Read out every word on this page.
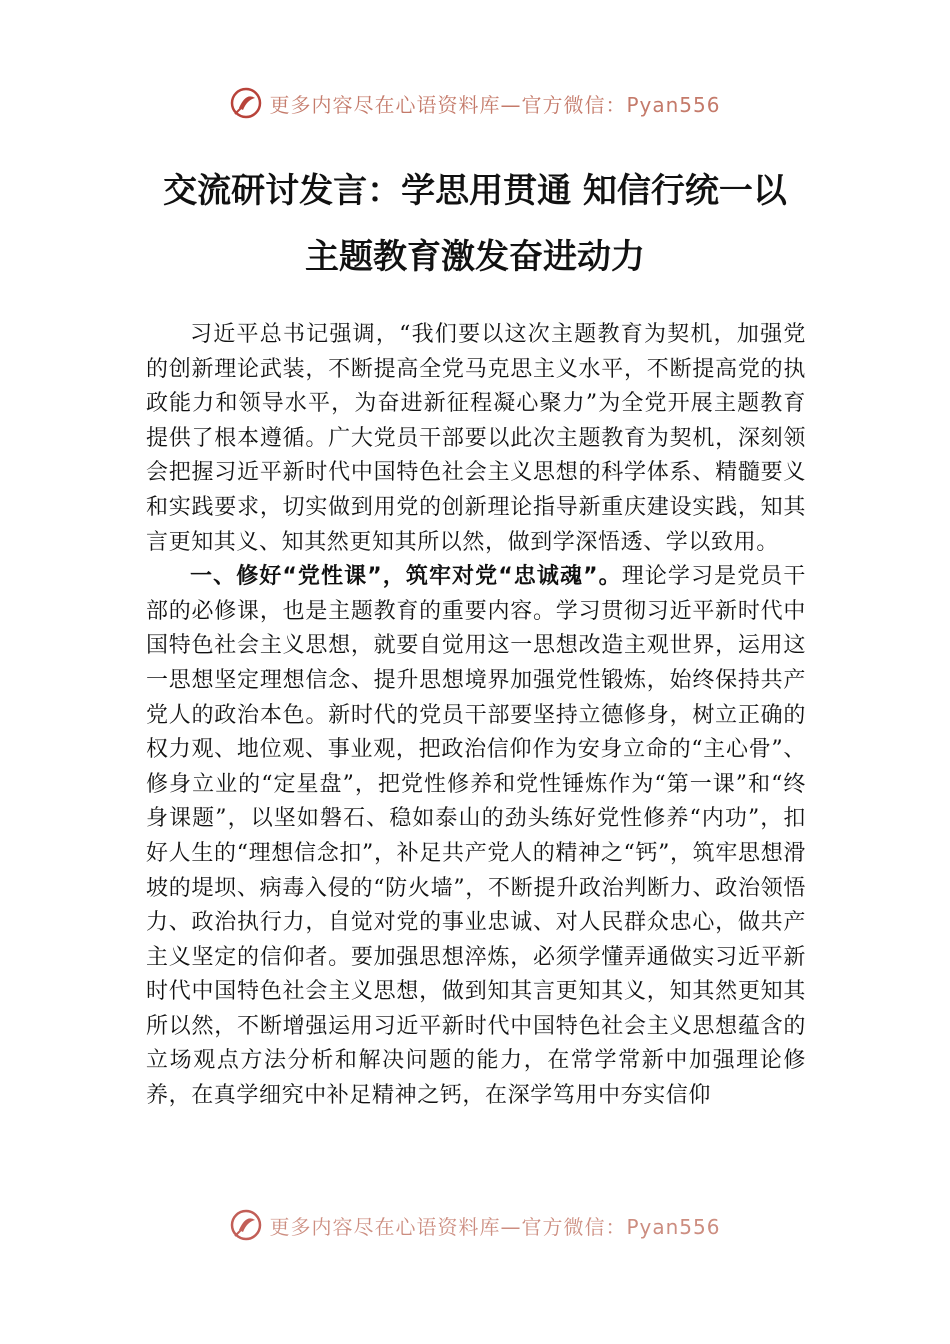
更多内容尽在心语资料库—官方微信：Pyan556
交流研讨发言：学思用贯通 知信行统一以
主题教育激发奋进动力

习近平总书记强调，“我们要以这次主题教育为契机，加强党的创新理论武装，不断提高全党马克思主义水平，不断提高党的执政能力和领导水平，为奋进新征程凝心聚力”为全党开展主题教育提供了根本遵循。广大党员干部要以此次主题教育为契机，深刻领会把握习近平新时代中国特色社会主义思想的科学体系、精髓要义和实践要求，切实做到用党的创新理论指导新重庆建设实践，知其言更知其义、知其然更知其所以然，做到学深悟透、学以致用。

一、修好“党性课”，筑牢对党“忠诚魂”。理论学习是党员干部的必修课，也是主题教育的重要内容。学习贯彻习近平新时代中国特色社会主义思想，就要自觉用这一思想改造主观世界，运用这一思想坚定理想信念、提升思想境界加强党性锻炼，始终保持共产党人的政治本色。新时代的党员干部要坚持立德修身，树立正确的权力观、地位观、事业观，把政治信仰作为安身立命的“主心骨”、修身立业的“定星盘”，把党性修养和党性锤炼作为“第一课”和“终身课题”，以坚如磐石、稳如泰山的劲头练好党性修养“内功”，扣好人生的“理想信念扣”，补足共产党人的精神之“钙”，筑牢思想滑坡的堤坝、病毒入侵的“防火墙”，不断提升政治判断力、政治领悟力、政治执行力，自觉对党的事业忠诚、对人民群众忠心，做共产主义坚定的信仰者。要加强思想淬炼，必须学懂弄通做实习近平新时代中国特色社会主义思想，做到知其言更知其义，知其然更知其所以然，不断增强运用习近平新时代中国特色社会主义思想蕴含的立场观点方法分析和解决问题的能力，在常学常新中加强理论修养，在真学细究中补足精神之钙，在深学笃用中夯实信仰

更多内容尽在心语资料库—官方微信：Pyan556
